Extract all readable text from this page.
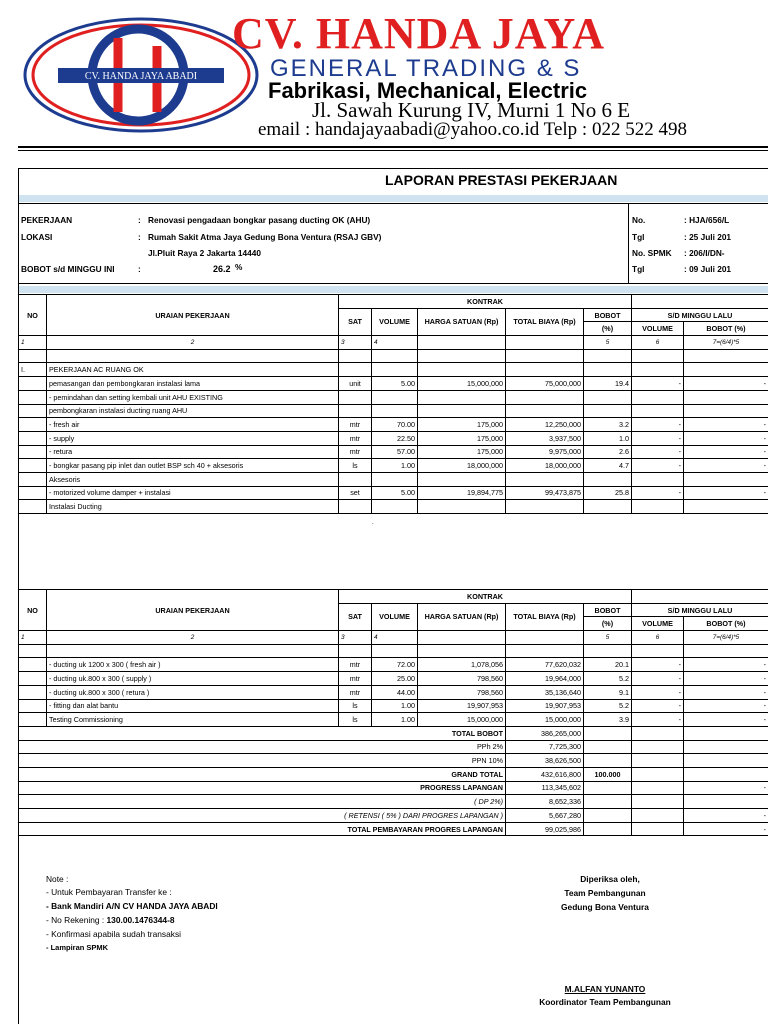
CV. HANDA JAYA ABADI
CV. HANDA JAYA
GENERAL TRADING & S
Fabrikasi, Mechanical, Electric
Jl. Sawah Kurung IV, Murni 1 No 6 E
email : handajayaabadi@yahoo.co.id Telp : 022 522 498
LAPORAN PRESTASI PEKERJAAN
PEKERJAAN	: Renovasi pengadaan bongkar pasang ducting OK (AHU)
LOKASI	: Rumah Sakit Atma Jaya Gedung Bona Ventura (RSAJ GBV)
Jl.Pluit Raya 2 Jakarta 14440
BOBOT s/d MINGGU INI	:	26.2 %
No.	: HJA/656/L
Tgl	: 25 Juli 201
No. SPMK : 206/I/DN-
Tgl	: 09 Juli 201
NO	URAIAN PEKERJAAN	KONTRAK						
		SAT	VOLUME	HARGA SATUAN (Rp)	TOTAL BIAYA (Rp)	BOBOT	S/D MINGGU LALU	
						(%)	VOLUME	BOBOT (%)
1	2	3	4			5	6	7=(6/4)*5

I.	PEKERJAAN AC RUANG OK							
	pemasangan dan pembongkaran instalasi lama	unit	5.00	15,000,000	75,000,000	19.4	-	-
	- pemindahan dan setting kembali unit AHU EXISTING							
	pembongkaran instalasi ducting ruang AHU							
	- fresh air	mtr	70.00	175,000	12,250,000	3.2	-	-
	- supply	mtr	22.50	175,000	3,937,500	1.0	-	-
	- retura	mtr	57.00	175,000	9,975,000	2.6	-	-
	- bongkar pasang pip inlet dan outlet BSP sch 40 + aksesoris	ls	1.00	18,000,000	18,000,000	4.7	-	-
	Aksesoris							
	- motorized volume damper + instalasi	set	5.00	19,894,775	99,473,875	25.8	-	-
	Instalasi Ducting							
.
NO	URAIAN PEKERJAAN	KONTRAK						
		SAT	VOLUME	HARGA SATUAN (Rp)	TOTAL BIAYA (Rp)	BOBOT	S/D MINGGU LALU	
						(%)	VOLUME	BOBOT (%)
1	2	3	4			5	6	7=(6/4)*5

	- ducting uk 1200 x 300 ( fresh air )	mtr	72.00	1,078,056	77,620,032	20.1	-	-
	- ducting uk.800 x 300 ( supply )	mtr	25.00	798,560	19,964,000	5.2	-	-
	- ducting uk.800 x 300 ( retura )	mtr	44.00	798,560	35,136,640	9.1	-	-
	- fitting dan alat bantu	ls	1.00	19,907,953	19,907,953	5.2	-	-
	Testing Commissioning	ls	1.00	15,000,000	15,000,000	3.9	-	-
TOTAL BOBOT					386,265,000			
PPh 2%					7,725,300			
PPN 10%					38,626,500			
GRAND TOTAL					432,616,800	100.000		
PROGRESS LAPANGAN					113,345,602			-
( DP 2%)					8,652,336			
( RETENSI ( 5% ) DARI PROGRES LAPANGAN )					5,667,280			-
TOTAL PEMBAYARAN PROGRES LAPANGAN					99,025,986			-
Note :
- Untuk Pembayaran Transfer ke :
- Bank Mandiri A/N CV HANDA JAYA ABADI
- No Rekening : 130.00.1476344-8
- Konfirmasi apabila sudah transaksi
- Lampiran SPMK
Diperiksa oleh,
Team Pembangunan
Gedung Bona Ventura
M.ALFAN YUNANTO
Koordinator Team Pembangunan
